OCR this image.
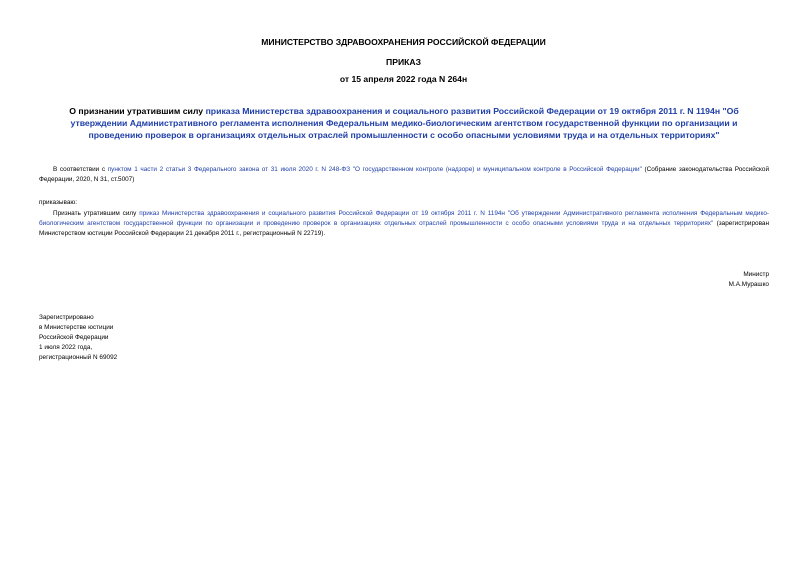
МИНИСТЕРСТВО ЗДРАВООХРАНЕНИЯ РОССИЙСКОЙ ФЕДЕРАЦИИ
ПРИКАЗ
от 15 апреля 2022 года N 264н
О признании утратившим силу приказа Министерства здравоохранения и социального развития Российской Федерации от 19 октября 2011 г. N 1194н "Об утверждении Административного регламента исполнения Федеральным медико-биологическим агентством государственной функции по организации и проведению проверок в организациях отдельных отраслей промышленности с особо опасными условиями труда и на отдельных территориях"
В соответствии с пунктом 1 части 2 статьи 3 Федерального закона от 31 июля 2020 г. N 248-ФЗ "О государственном контроле (надзоре) и муниципальном контроле в Российской Федерации" (Собрание законодательства Российской Федерации, 2020, N 31, ст.5007)
приказываю:
Признать утратившим силу приказ Министерства здравоохранения и социального развития Российской Федерации от 19 октября 2011 г. N 1194н "Об утверждении Административного регламента исполнения Федеральным медико-биологическим агентством государственной функции по организации и проведению проверок в организациях отдельных отраслей промышленности с особо опасными условиями труда и на отдельных территориях" (зарегистрирован Министерством юстиции Российской Федерации 21 декабря 2011 г., регистрационный N 22719).
Министр
М.А.Мурашко
Зарегистрировано
в Министерстве юстиции
Российской Федерации
1 июля 2022 года,
регистрационный N 69092
